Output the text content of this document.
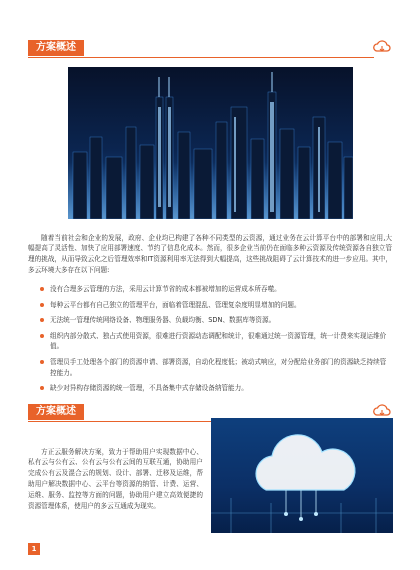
方案概述

随着当前社会和企业的发展，政府、企业均已构建了各种不同类型的云资源，通过业务在云计算平台中的部署和应用,大幅提高了灵活性、加快了应用部署速度、节约了信息化成本。然而，很多企业当前仍在面临多种云资源及传统资源各自独立管理的挑战，从而导致云化之后管理效率和IT资源利用率无法得到大幅提高，这些挑战阻碍了云计算技术的进一步应用。其中，多云环境大多存在以下问题:

没有合理多云管理的方法，采用云计算节省的成本都被增加的运营成本所吞噬。
每种云平台都有自己独立的管理平台，面临着管理混乱、管理复杂度明显增加的问题。
无法统一管理传统网络设备、物理服务器、负载均衡、SDN、数据库等资源。
组织内部分散式、独占式使用资源，很难进行资源动态调配和统计，很难通过统一资源管理，统一计费来实现运维价值。
管理员手工处理各个部门的资源申请、部署资源，自动化程度低；被动式响应，对分配给业务部门的资源缺乏持续管控能力。
缺少对异构存储资源的统一管理，不具备集中式存储设备纳管能力。
方案概述

方正云服务解决方案，致力于帮助用户实现数据中心、私有云与公有云、公有云与公有云间的互联互通，协助用户完成公有云及混合云的规划、设计、部署、迁移及运维，帮助用户解决数据中心、云平台等资源的纳管、计费、运营、运维、服务、监控等方面的问题，协助用户建立高效便捷的资源管理体系，使用户的多云互通成为现实。

1
